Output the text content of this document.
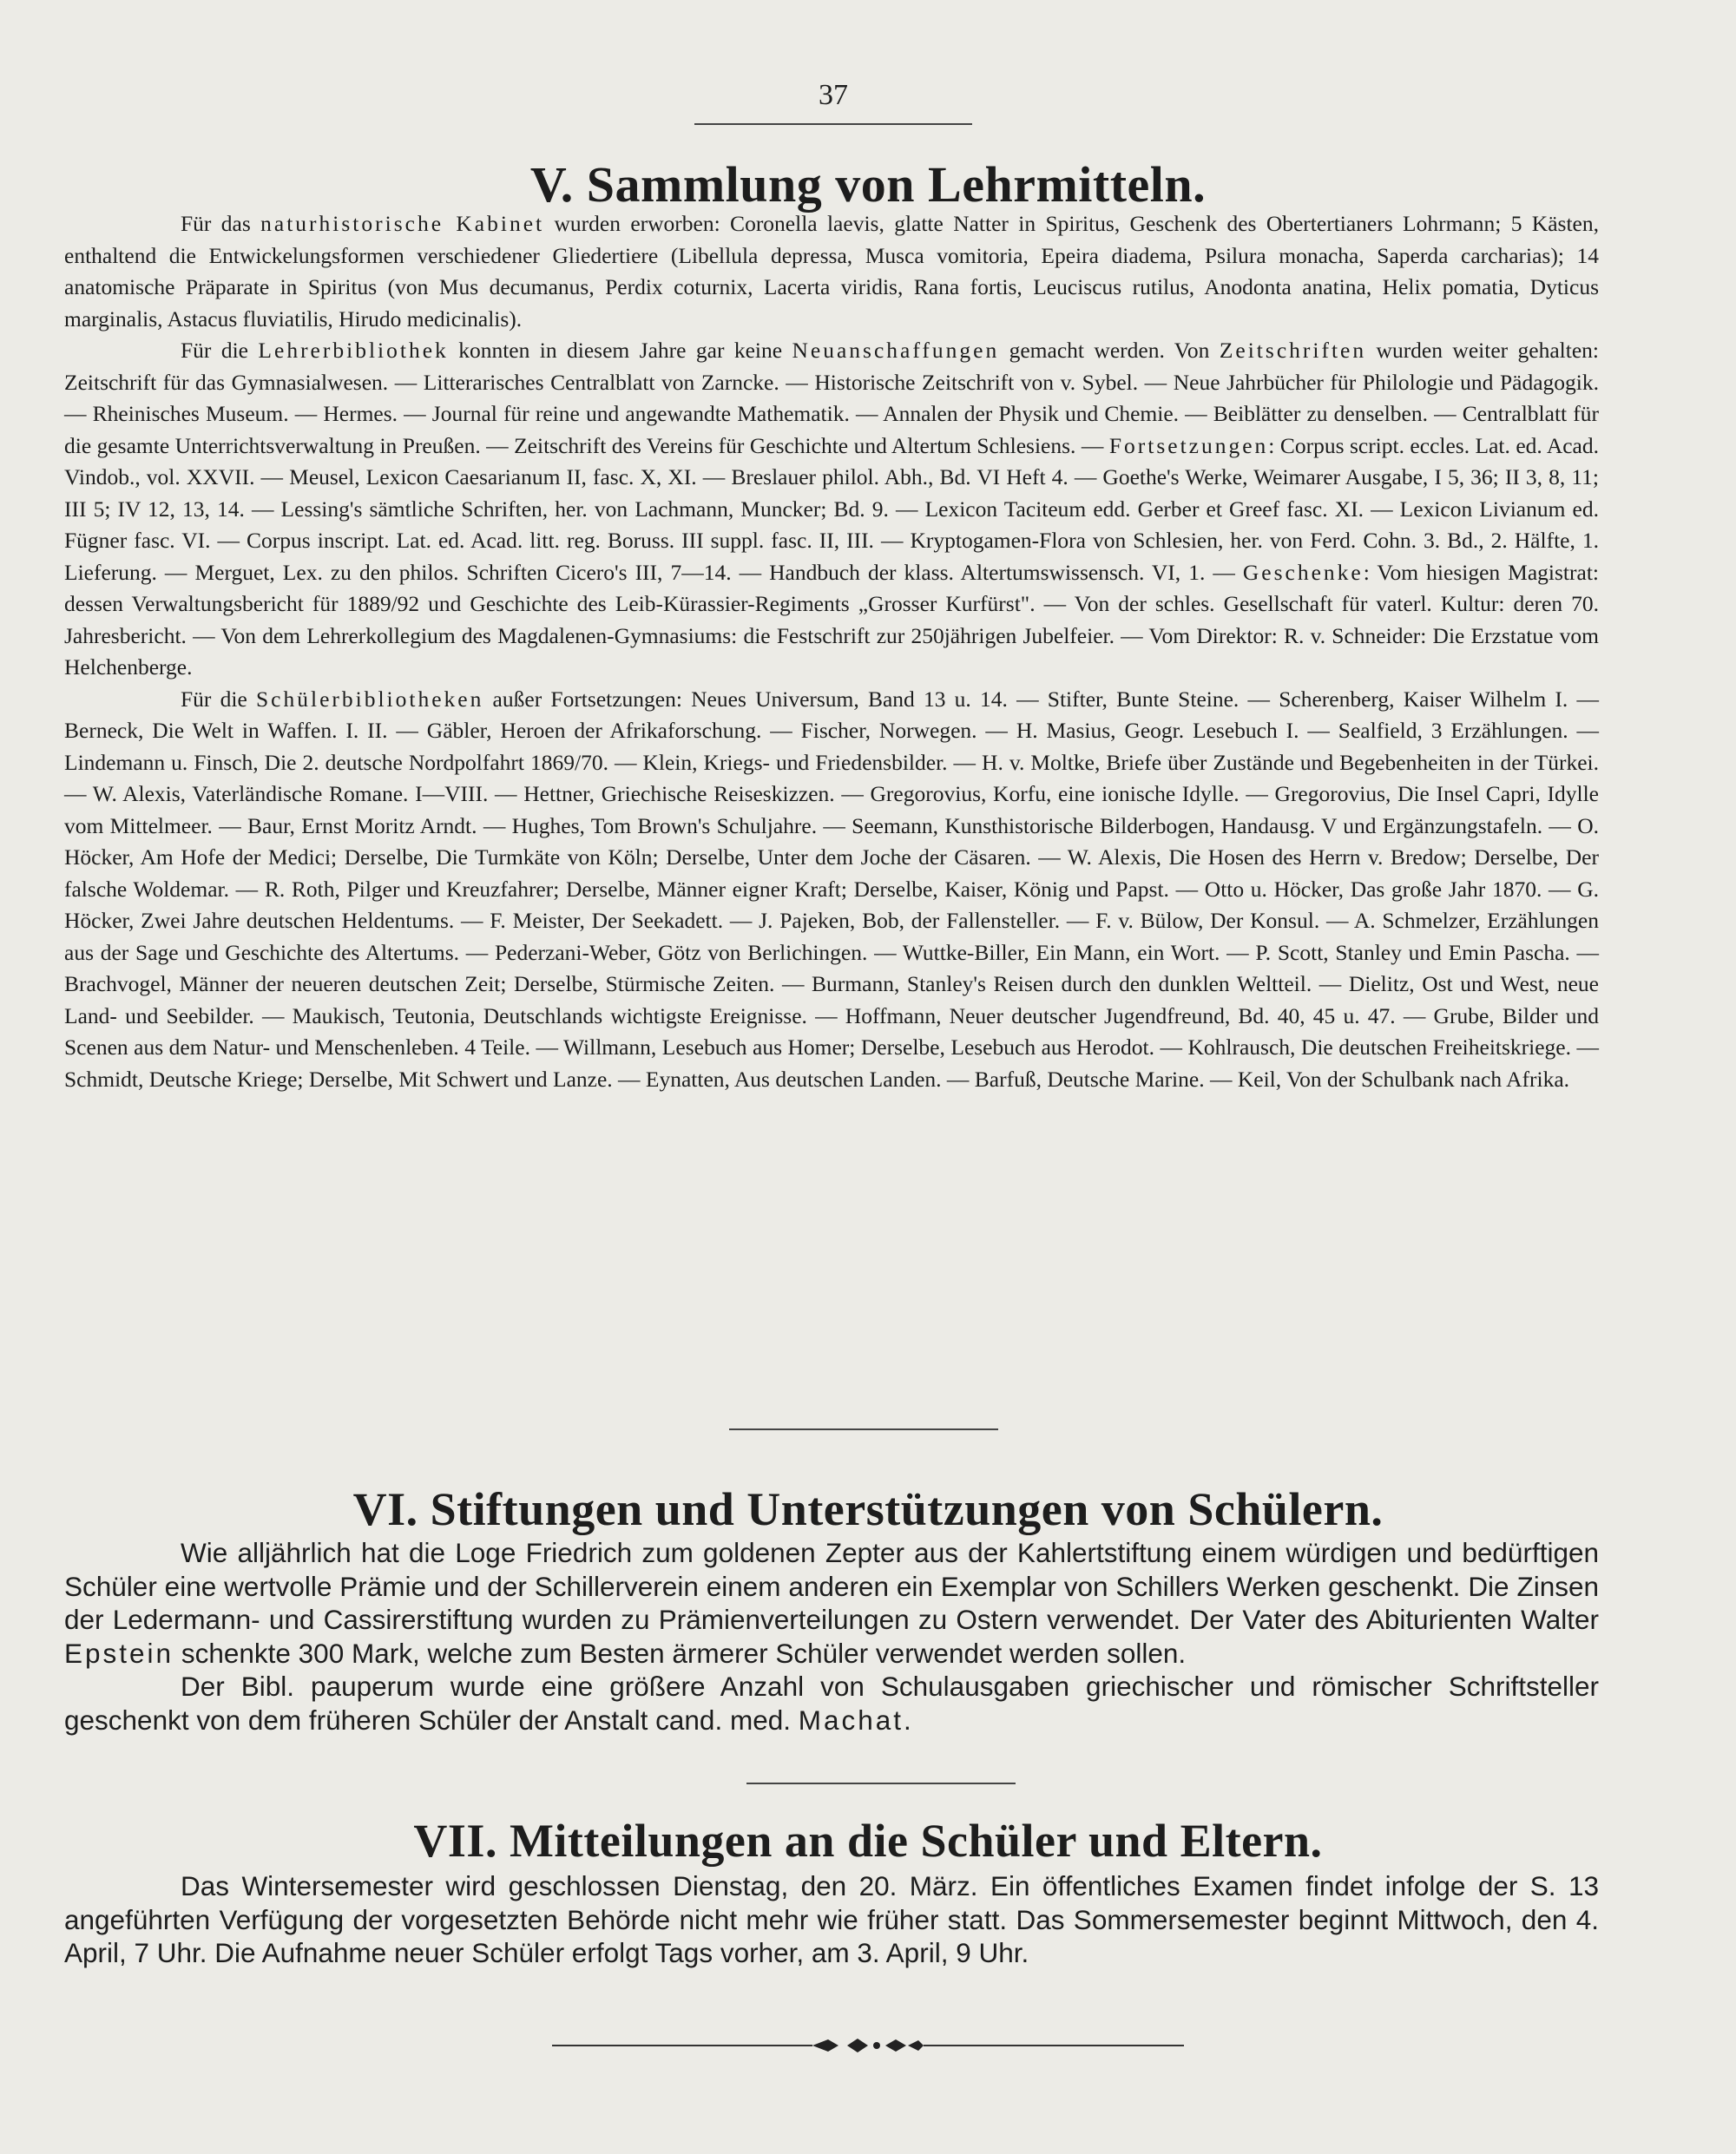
37
V. Sammlung von Lehrmitteln.

Für das naturhistorische Kabinet wurden erworben: Coronella laevis, glatte Natter in Spiritus, Geschenk des Obertertianers Lohrmann; 5 Kästen, enthaltend die Entwickelungsformen verschiedener Gliedertiere (Libellula depressa, Musca vomitoria, Epeira diadema, Psilura monacha, Saperda carcharias); 14 anatomische Präparate in Spiritus (von Mus decumanus, Perdix coturnix, Lacerta viridis, Rana fortis, Leuciscus rutilus, Anodonta anatina, Helix pomatia, Dyticus marginalis, Astacus fluviatilis, Hirudo medicinalis).

Für die Lehrerbibliothek konnten in diesem Jahre gar keine Neuanschaffungen gemacht werden. Von Zeitschriften wurden weiter gehalten: Zeitschrift für das Gymnasialwesen. — Litterarisches Centralblatt von Zarncke. — Historische Zeitschrift von v. Sybel. — Neue Jahrbücher für Philologie und Pädagogik. — Rheinisches Museum. — Hermes. — Journal für reine und angewandte Mathematik. — Annalen der Physik und Chemie. — Beiblätter zu denselben. — Centralblatt für die gesamte Unterrichtsverwaltung in Preußen. — Zeitschrift des Vereins für Geschichte und Altertum Schlesiens. — Fortsetzungen: Corpus script. eccles. Lat. ed. Acad. Vindob., vol. XXVII. — Meusel, Lexicon Caesarianum II, fasc. X, XI. — Breslauer philol. Abh., Bd. VI Heft 4. — Goethe's Werke, Weimarer Ausgabe, I 5, 36; II 3, 8, 11; III 5; IV 12, 13, 14. — Lessing's sämtliche Schriften, her. von Lachmann, Muncker; Bd. 9. — Lexicon Taciteum edd. Gerber et Greef fasc. XI. — Lexicon Livianum ed. Fügner fasc. VI. — Corpus inscript. Lat. ed. Acad. litt. reg. Boruss. III suppl. fasc. II, III. — Kryptogamen-Flora von Schlesien, her. von Ferd. Cohn. 3. Bd., 2. Hälfte, 1. Lieferung. — Merguet, Lex. zu den philos. Schriften Cicero's III, 7—14. — Handbuch der klass. Altertumswissensch. VI, 1. — Geschenke: Vom hiesigen Magistrat: dessen Verwaltungsbericht für 1889/92 und Geschichte des Leib-Kürassier-Regiments „Grosser Kurfürst". — Von der schles. Gesellschaft für vaterl. Kultur: deren 70. Jahresbericht. — Von dem Lehrerkollegium des Magdalenen-Gymnasiums: die Festschrift zur 250jährigen Jubelfeier. — Vom Direktor: R. v. Schneider: Die Erzstatue vom Helchenberge.

Für die Schülerbibliotheken außer Fortsetzungen: Neues Universum, Band 13 u. 14. — Stifter, Bunte Steine. — Scherenberg, Kaiser Wilhelm I. — Berneck, Die Welt in Waffen. I. II. — Gäbler, Heroen der Afrikaforschung. — Fischer, Norwegen. — H. Masius, Geogr. Lesebuch I. — Sealfield, 3 Erzählungen. — Lindemann u. Finsch, Die 2. deutsche Nordpolfahrt 1869/70. — Klein, Kriegs- und Friedensbilder. — H. v. Moltke, Briefe über Zustände und Begebenheiten in der Türkei. — W. Alexis, Vaterländische Romane. I—VIII. — Hettner, Griechische Reiseskizzen. — Gregorovius, Korfu, eine ionische Idylle. — Gregorovius, Die Insel Capri, Idylle vom Mittelmeer. — Baur, Ernst Moritz Arndt. — Hughes, Tom Brown's Schuljahre. — Seemann, Kunsthistorische Bilderbogen, Handausg. V und Ergänzungstafeln. — O. Höcker, Am Hofe der Medici; Derselbe, Die Turmkäte von Köln; Derselbe, Unter dem Joche der Cäsaren. — W. Alexis, Die Hosen des Herrn v. Bredow; Derselbe, Der falsche Woldemar. — R. Roth, Pilger und Kreuzfahrer; Derselbe, Männer eigner Kraft; Derselbe, Kaiser, König und Papst. — Otto u. Höcker, Das große Jahr 1870. — G. Höcker, Zwei Jahre deutschen Heldentums. — F. Meister, Der Seekadett. — J. Pajeken, Bob, der Fallensteller. — F. v. Bülow, Der Konsul. — A. Schmelzer, Erzählungen aus der Sage und Geschichte des Altertums. — Pederzani-Weber, Götz von Berlichingen. — Wuttke-Biller, Ein Mann, ein Wort. — P. Scott, Stanley und Emin Pascha. — Brachvogel, Männer der neueren deutschen Zeit; Derselbe, Stürmische Zeiten. — Burmann, Stanley's Reisen durch den dunklen Weltteil. — Dielitz, Ost und West, neue Land- und Seebilder. — Maukisch, Teutonia, Deutschlands wichtigste Ereignisse. — Hoffmann, Neuer deutscher Jugendfreund, Bd. 40, 45 u. 47. — Grube, Bilder und Scenen aus dem Natur- und Menschenleben. 4 Teile. — Willmann, Lesebuch aus Homer; Derselbe, Lesebuch aus Herodot. — Kohlrausch, Die deutschen Freiheitskriege. — Schmidt, Deutsche Kriege; Derselbe, Mit Schwert und Lanze. — Eynatten, Aus deutschen Landen. — Barfuß, Deutsche Marine. — Keil, Von der Schulbank nach Afrika.

VI. Stiftungen und Unterstützungen von Schülern.

Wie alljährlich hat die Loge Friedrich zum goldenen Zepter aus der Kahlertstiftung einem würdigen und bedürftigen Schüler eine wertvolle Prämie und der Schillerverein einem anderen ein Exemplar von Schillers Werken geschenkt. Die Zinsen der Ledermann- und Cassirerstiftung wurden zu Prämienverteilungen zu Ostern verwendet. Der Vater des Abiturienten Walter Epstein schenkte 300 Mark, welche zum Besten ärmerer Schüler verwendet werden sollen.

Der Bibl. pauperum wurde eine größere Anzahl von Schulausgaben griechischer und römischer Schriftsteller geschenkt von dem früheren Schüler der Anstalt cand. med. Machat.

VII. Mitteilungen an die Schüler und Eltern.

Das Wintersemester wird geschlossen Dienstag, den 20. März. Ein öffentliches Examen findet infolge der S. 13 angeführten Verfügung der vorgesetzten Behörde nicht mehr wie früher statt. Das Sommersemester beginnt Mittwoch, den 4. April, 7 Uhr. Die Aufnahme neuer Schüler erfolgt Tags vorher, am 3. April, 9 Uhr.
